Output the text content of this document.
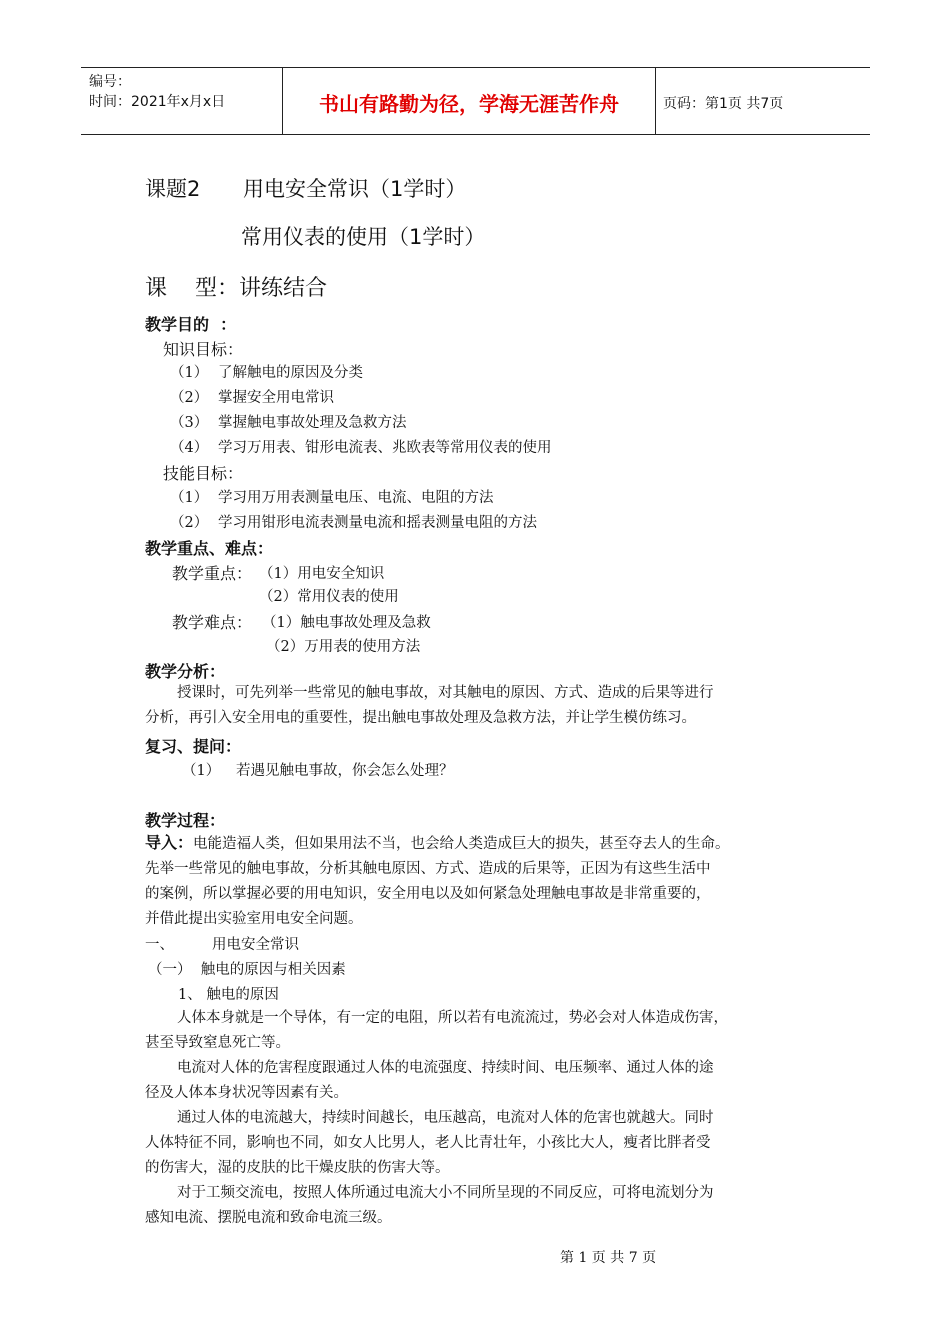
编号：
时间：2021年x月x日	书山有路勤为径，学海无涯苦作舟	页码：第1页 共7页
课题2 用电安全常识（1学时）
常用仪表的使用（1学时）
课    型：讲练结合
教学目的  ：
知识目标：
（1） 了解触电的原因及分类
（2） 掌握安全用电常识
（3） 掌握触电事故处理及急救方法
（4） 学习万用表、钳形电流表、兆欧表等常用仪表的使用
技能目标：
（1） 学习用万用表测量电压、电流、电阻的方法
（2） 学习用钳形电流表测量电流和摇表测量电阻的方法
教学重点、难点：
教学重点： （1）用电安全知识
（2）常用仪表的使用
教学难点： （1）触电事故处理及急救
（2）万用表的使用方法
教学分析：
授课时，可先列举一些常见的触电事故，对其触电的原因、方式、造成的后果等进行
分析，再引入安全用电的重要性，提出触电事故处理及急救方法，并让学生模仿练习。
复习、提问：
（1） 若遇见触电事故，你会怎么处理？
教学过程：
导入：电能造福人类，但如果用法不当，也会给人类造成巨大的损失，甚至夺去人的生命。
先举一些常见的触电事故，分析其触电原因、方式、造成的后果等，正因为有这些生活中
的案例，所以掌握必要的用电知识，安全用电以及如何紧急处理触电事故是非常重要的，
并借此提出实验室用电安全问题。
一、	用电安全常识
（一）  触电的原因与相关因素
1、 触电的原因
人体本身就是一个导体，有一定的电阻，所以若有电流流过，势必会对人体造成伤害，
甚至导致窒息死亡等。
电流对人体的危害程度跟通过人体的电流强度、持续时间、电压频率、通过人体的途
径及人体本身状况等因素有关。
通过人体的电流越大，持续时间越长，电压越高，电流对人体的危害也就越大。同时
人体特征不同，影响也不同，如女人比男人，老人比青壮年，小孩比大人，瘦者比胖者受
的伤害大，湿的皮肤的比干燥皮肤的伤害大等。
对于工频交流电，按照人体所通过电流大小不同所呈现的不同反应，可将电流划分为
感知电流、摆脱电流和致命电流三级。
第 1 页 共 7 页
